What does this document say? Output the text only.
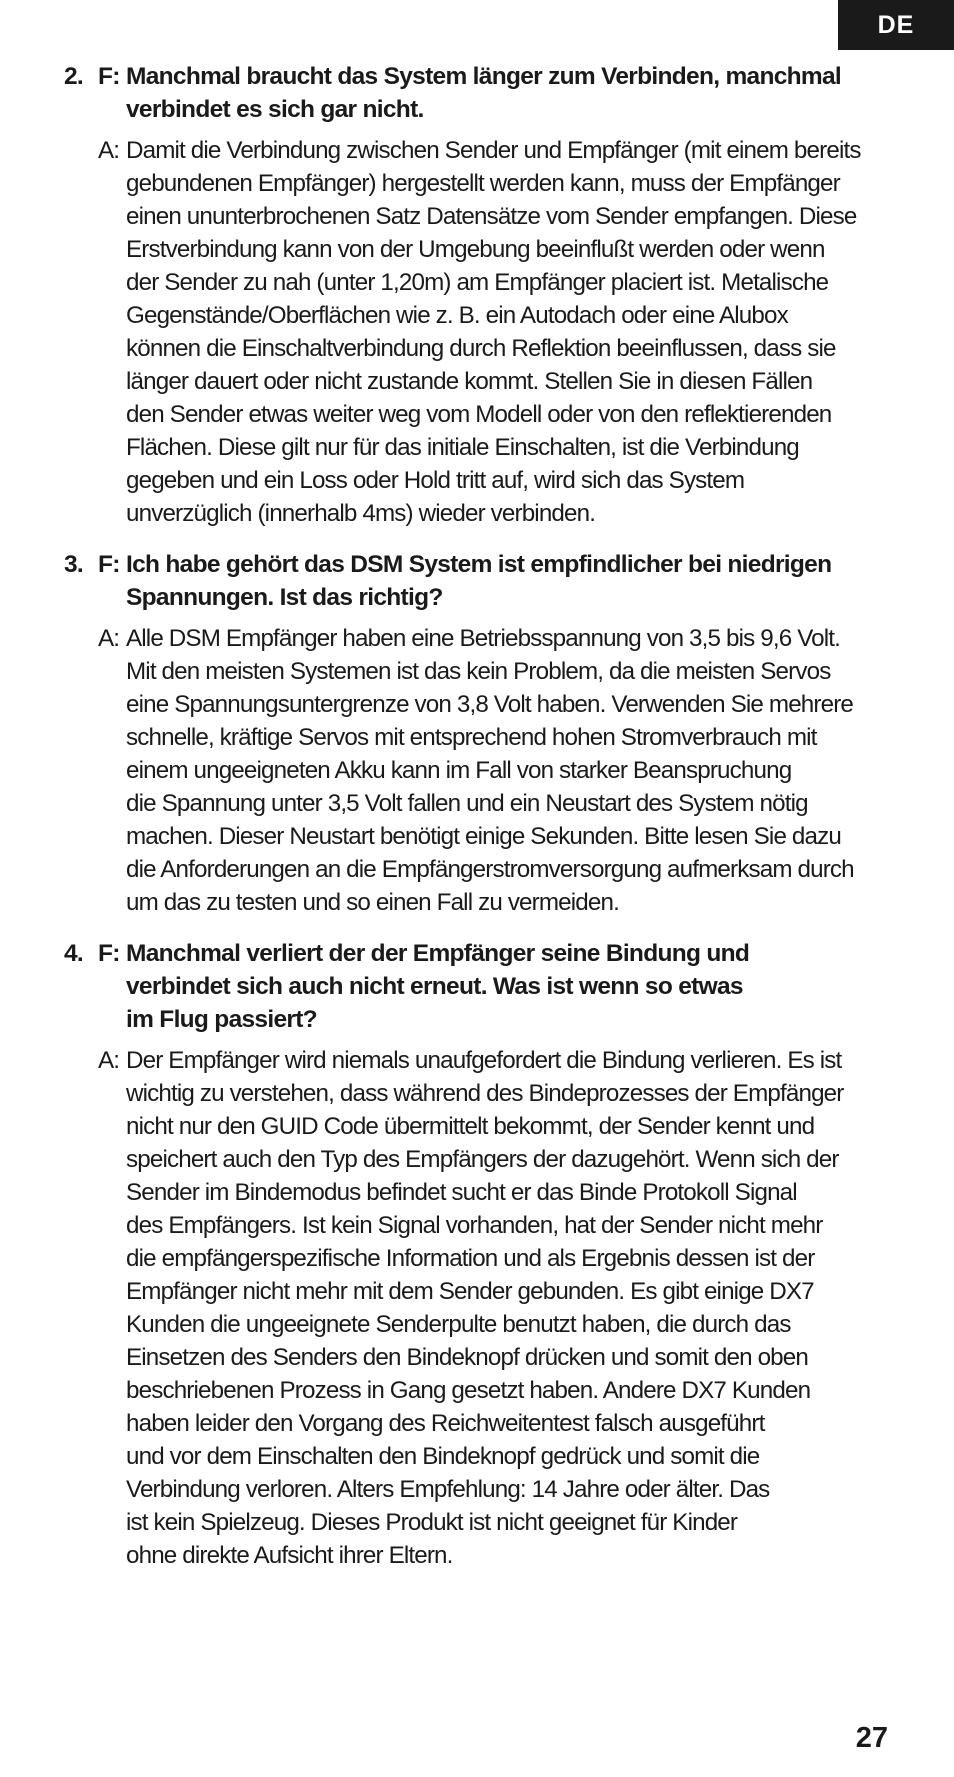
DE
2. F: Manchmal braucht das System länger zum Verbinden, manchmal
verbindet es sich gar nicht.
A: Damit die Verbindung zwischen Sender und Empfänger (mit einem bereits
gebundenen Empfänger) hergestellt werden kann, muss der Empfänger
einen ununterbrochenen Satz Datensätze vom Sender empfangen. Diese
Erstverbindung kann von der Umgebung beeinflußt werden oder wenn
der Sender zu nah (unter 1,20m) am Empfänger placiert ist. Metalische
Gegenstände/Oberflächen wie z. B. ein Autodach oder eine Alubox
können die Einschaltverbindung durch Reflektion beeinflussen, dass sie
länger dauert oder nicht zustande kommt. Stellen Sie in diesen Fällen
den Sender etwas weiter weg vom Modell oder von den reflektierenden
Flächen. Diese gilt nur für das initiale Einschalten, ist die Verbindung
gegeben und ein Loss oder Hold tritt auf, wird sich das System
unverzüglich (innerhalb 4ms) wieder verbinden.
3. F: Ich habe gehört das DSM System ist empfindlicher bei niedrigen
Spannungen. Ist das richtig?
A: Alle DSM Empfänger haben eine Betriebsspannung von 3,5 bis 9,6 Volt.
Mit den meisten Systemen ist das kein Problem, da die meisten Servos
eine Spannungsuntergrenze von 3,8 Volt haben. Verwenden Sie mehrere
schnelle, kräftige Servos mit entsprechend hohen Stromverbrauch mit
einem ungeeigneten Akku kann im Fall von starker Beanspruchung
die Spannung unter 3,5 Volt fallen und ein Neustart des System nötig
machen. Dieser Neustart benötigt einige Sekunden. Bitte lesen Sie dazu
die Anforderungen an die Empfängerstromversorgung aufmerksam durch
um das zu testen und so einen Fall zu vermeiden.
4. F: Manchmal verliert der der Empfänger seine Bindung und
verbindet sich auch nicht erneut. Was ist wenn so etwas
im Flug passiert?
A: Der Empfänger wird niemals unaufgefordert die Bindung verlieren. Es ist
wichtig zu verstehen, dass während des Bindeprozesses der Empfänger
nicht nur den GUID Code übermittelt bekommt, der Sender kennt und
speichert auch den Typ des Empfängers der dazugehört. Wenn sich der
Sender im Bindemodus befindet sucht er das Binde Protokoll Signal
des Empfängers. Ist kein Signal vorhanden, hat der Sender nicht mehr
die empfängerspezifische Information und als Ergebnis dessen ist der
Empfänger nicht mehr mit dem Sender gebunden. Es gibt einige DX7
Kunden die ungeeignete Senderpulte benutzt haben, die durch das
Einsetzen des Senders den Bindeknopf drücken und somit den oben
beschriebenen Prozess in Gang gesetzt haben. Andere DX7 Kunden
haben leider den Vorgang des Reichweitentest falsch ausgeführt
und vor dem Einschalten den Bindeknopf gedrück und somit die
Verbindung verloren. Alters Empfehlung: 14 Jahre oder älter. Das
ist kein Spielzeug. Dieses Produkt ist nicht geeignet für Kinder
ohne direkte Aufsicht ihrer Eltern.
27
